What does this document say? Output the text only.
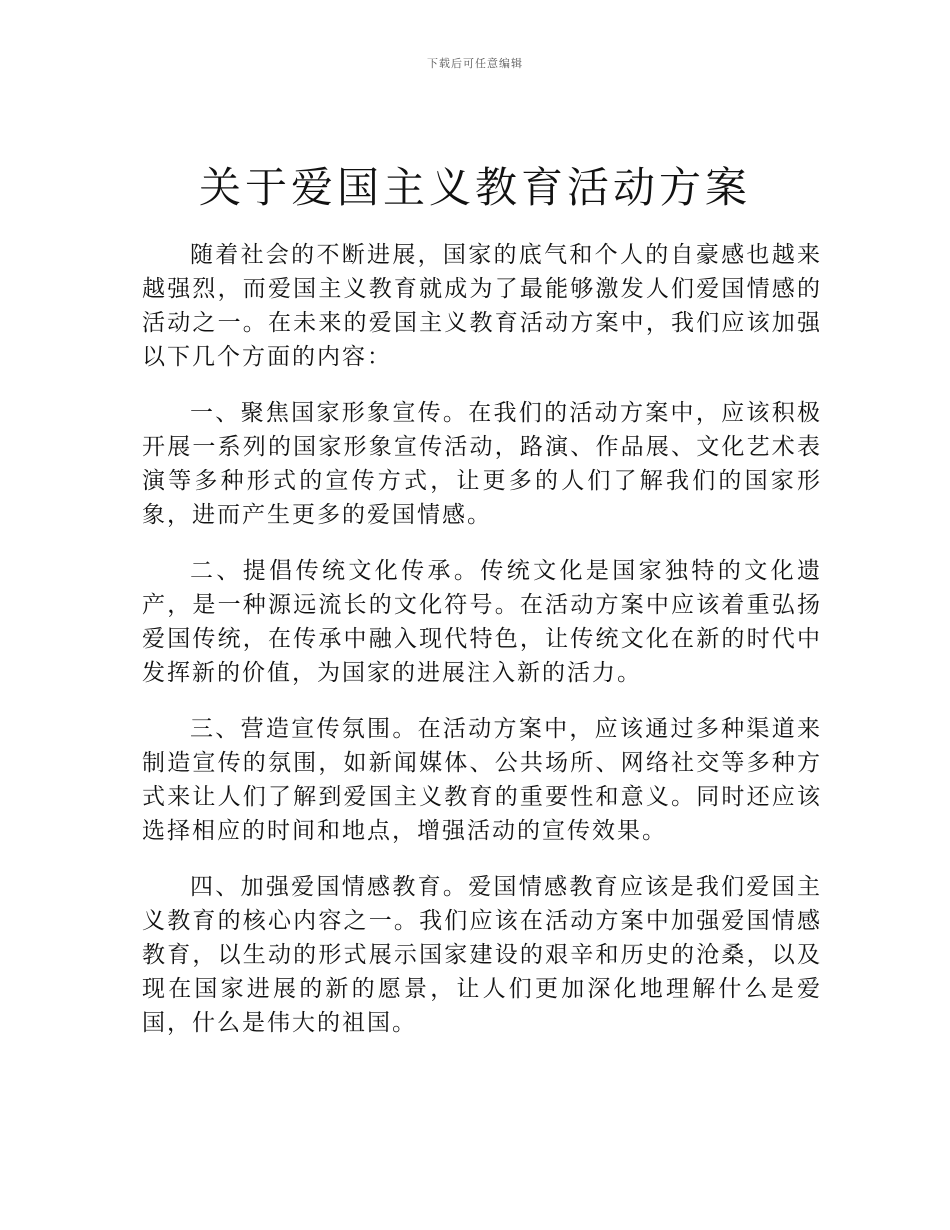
下载后可任意编辑
关于爱国主义教育活动方案

随着社会的不断进展，国家的底气和个人的自豪感也越来越强烈，而爱国主义教育就成为了最能够激发人们爱国情感的活动之一。在未来的爱国主义教育活动方案中，我们应该加强以下几个方面的内容：

一、聚焦国家形象宣传。在我们的活动方案中，应该积极开展一系列的国家形象宣传活动，路演、作品展、文化艺术表演等多种形式的宣传方式，让更多的人们了解我们的国家形象，进而产生更多的爱国情感。

二、提倡传统文化传承。传统文化是国家独特的文化遗产，是一种源远流长的文化符号。在活动方案中应该着重弘扬爱国传统，在传承中融入现代特色，让传统文化在新的时代中发挥新的价值，为国家的进展注入新的活力。

三、营造宣传氛围。在活动方案中，应该通过多种渠道来制造宣传的氛围，如新闻媒体、公共场所、网络社交等多种方式来让人们了解到爱国主义教育的重要性和意义。同时还应该选择相应的时间和地点，增强活动的宣传效果。

四、加强爱国情感教育。爱国情感教育应该是我们爱国主义教育的核心内容之一。我们应该在活动方案中加强爱国情感教育，以生动的形式展示国家建设的艰辛和历史的沧桑，以及现在国家进展的新的愿景，让人们更加深化地理解什么是爱国，什么是伟大的祖国。
